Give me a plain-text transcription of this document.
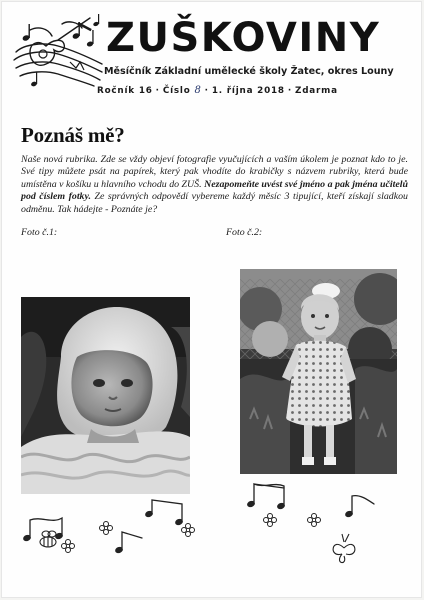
ZUŠKOVINY
Měsíčník Základní umělecké školy Žatec, okres Louny
Ročník 16 · Číslo 8 · 1. října 2018 · Zdarma
Poznáš mě?

Naše nová rubrika. Zde se vždy objeví fotografie vyučujících a vaším úkolem je poznat kdo to je. Své tipy můžete psát na papírek, který pak vhodíte do krabičky s názvem rubriky, která bude umístěna v košíku u hlavního vchodu do ZUŠ. Nezapomeňte uvést své jméno a pak jména učitelů pod číslem fotky. Ze správných odpovědí vybereme každý měsíc 3 tipující, kteří získají sladkou odměnu. Tak hádejte - Poznáte je?

Foto č.1:	Foto č.2:
